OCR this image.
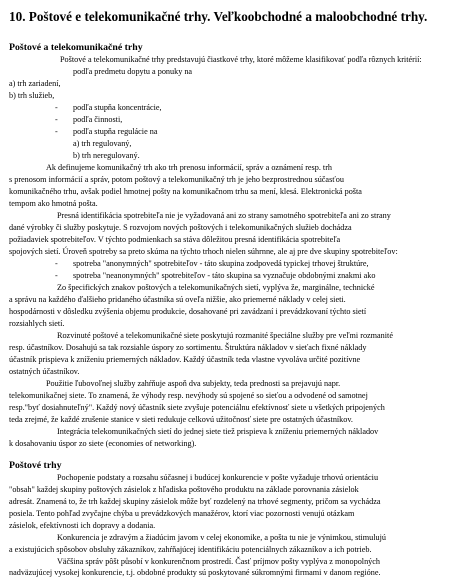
10. Poštové e telekomunikačné trhy. Veľkoobchodné a maloobchodné trhy.
Poštové a telekomunikačné trhy

Poštové a telekomunikačné trhy predstavujú čiastkové trhy, ktoré môžeme klasifikovať podľa rôznych kritérií:

podľa predmetu dopytu a ponuky na

a) trh zariadení,

b) trh služieb,

- podľa stupňa koncentrácie,

- podľa činnosti,

- podľa stupňa regulácie na

a) trh regulovaný,

b) trh neregulovaný.

Ak definujeme komunikačný trh ako trh prenosu informácií, správ a oznámení resp. trh

s prenosom informácií a správ, potom poštový a telekomunikačný trh je jeho bezprostrednou súčasťou

komunikačného trhu, avšak podiel hmotnej pošty na komunikačnom trhu sa mení, klesá. Elektronická pošta

tempom ako hmotná pošta.

Presná identifikácia spotrebiteľa nie je vyžadovaná ani zo strany samotného spotrebiteľa ani zo strany

dané výrobky či služby poskytuje. S rozvojom nových poštových i telekomunikačných služieb dochádza

požiadaviek spotrebiteľov. V týchto podmienkach sa stáva dôležitou presná identifikácia spotrebiteľa

spojových sietí. Úroveň spotreby sa preto skúma na týchto trhoch nielen súhrnne, ale aj pre dve skupiny spotrebiteľov:

- spotreba "anonymných" spotrebiteľov - táto skupina zodpovedá typickej trhovej štruktúre,

- spotreba "neanonymných" spotrebiteľov - táto skupina sa vyznačuje obdobnými znakmi ako

Zo špecifických znakov poštových a telekomunikačných sietí, vyplýva že, marginálne, technické

a správu na každého ďalšieho pridaného účastníka sú oveľa nižšie, ako priemerné náklady v celej sieti.

hospodárnosti v dôsledku zvýšenia objemu produkcie, dosahované pri zavádzaní i prevádzkovaní týchto sietí

rozsiahlych sietí.

Rozvinuté poštové a telekomunikačné siete poskytujú rozmanité špeciálne služby pre veľmi rozmanité

resp. účastníkov. Dosahujú sa tak rozsiahle úspory zo sortimentu. Štruktúra nákladov v sieťach fixné náklady

účastník prispieva k zníženiu priemerných nákladov. Každý účastník teda vlastne vyvoláva určité pozitívne

ostatných účastníkov.

Použitie ľubovoľnej služby zahŕňuje aspoň dva subjekty, teda prednosti sa prejavujú napr.

telekomunikačnej siete. To znamená, že výhody resp. nevýhody sú spojené so sieťou a odvodené od samotnej

resp."byť dosiahnuteľný". Každý nový účastník siete zvyšuje potenciálnu efektívnosť siete u všetkých pripojených

teda zrejmé, že každé zrušenie stanice v sieti redukuje celkovú užitočnosť siete pre ostatných účastníkov.

Integrácia telekomunikačných sietí do jednej siete tiež prispieva k zníženiu priemerných nákladov

k dosahovaniu úspor zo siete (economies of networking).

Poštové trhy

Pochopenie podstaty a rozsahu súčasnej i budúcej konkurencie v pošte vyžaduje trhovú orientáciu

"obsah" každej skupiny poštových zásielok z hľadiska poštového produktu na základe porovnania zásielok

adresát. Znamená to, že trh každej skupiny zásielok môže byť rozdelený na trhové segmenty, pričom sa vychádza

posiela. Tento pohľad zvyčajne chýba u prevádzkových manažérov, ktorí viac pozornosti venujú otázkam

zásielok, efektívnosti ich dopravy a dodania.

Konkurencia je zdravým a žiadúcim javom v celej ekonomike, a pošta tu nie je výnimkou, stimulujú

a existujúcich spôsobov obsluhy zákazníkov, zahŕňajúcej identifikáciu potenciálnych zákazníkov a ich potrieb.

Väčšina správ pôšt působí v konkurenčnom prostredí. Časť príjmov pošty vyplýva z monopolných

nadväzujúcej vysokej konkurencie, t.j. obdobné produkty sú poskytované súkromnými firmami v danom regióne.
